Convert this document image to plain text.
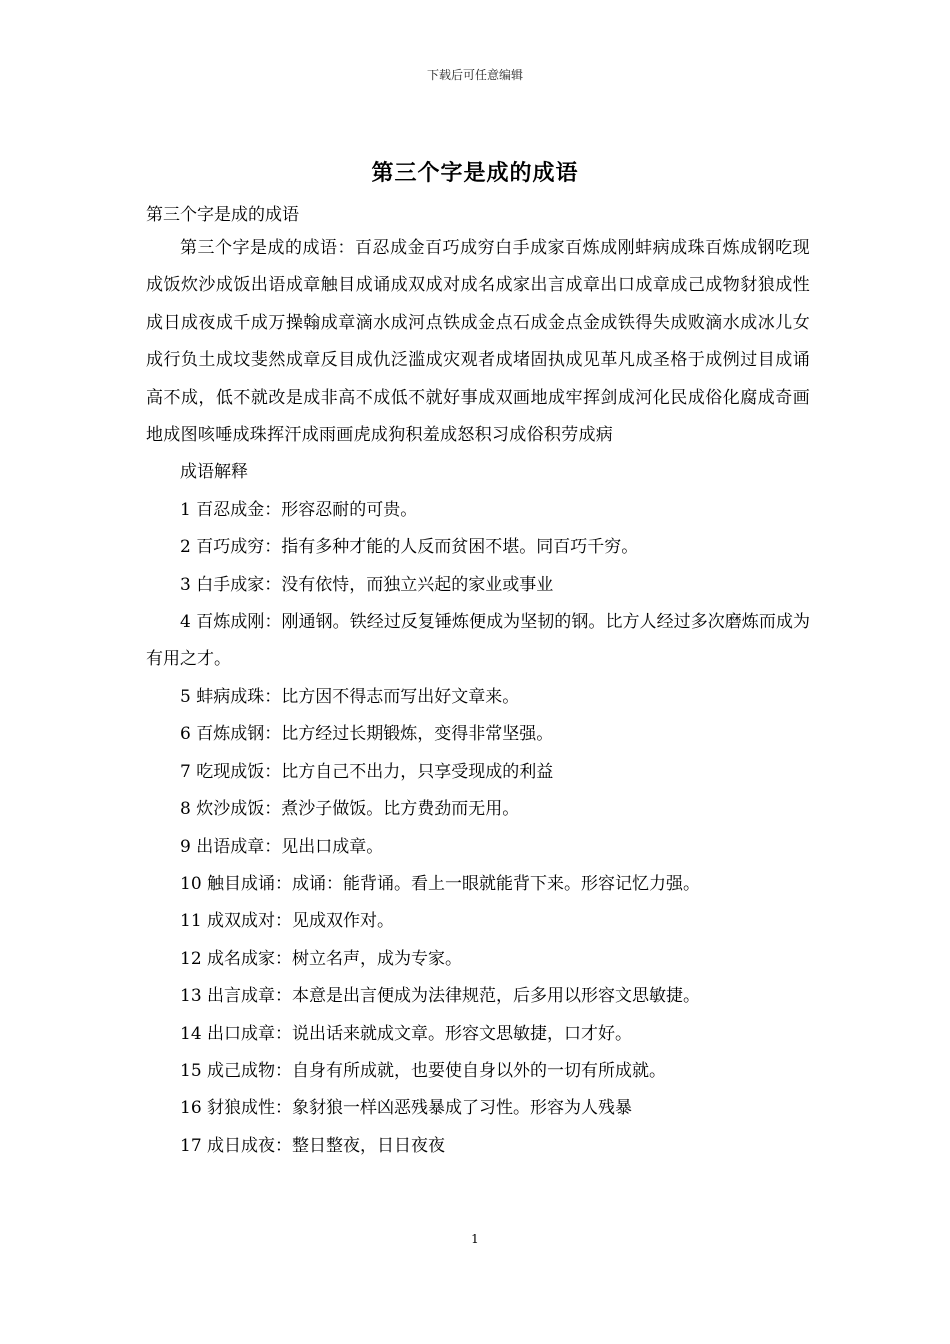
下载后可任意编辑
第三个字是成的成语
第三个字是成的成语

第三个字是成的成语：百忍成金百巧成穷白手成家百炼成刚蚌病成珠百炼成钢吃现成饭炊沙成饭出语成章触目成诵成双成对成名成家出言成章出口成章成己成物豺狼成性成日成夜成千成万操翰成章滴水成河点铁成金点石成金点金成铁得失成败滴水成冰儿女成行负土成坟斐然成章反目成仇泛滥成灾观者成堵固执成见革凡成圣格于成例过目成诵高不成，低不就改是成非高不成低不就好事成双画地成牢挥剑成河化民成俗化腐成奇画地成图咳唾成珠挥汗成雨画虎成狗积羞成怒积习成俗积劳成病

成语解释

1 百忍成金：形容忍耐的可贵。

2 百巧成穷：指有多种才能的人反而贫困不堪。同百巧千穷。

3 白手成家：没有依恃，而独立兴起的家业或事业

4 百炼成刚：刚通钢。铁经过反复锤炼便成为坚韧的钢。比方人经过多次磨炼而成为有用之才。

5 蚌病成珠：比方因不得志而写出好文章来。

6 百炼成钢：比方经过长期锻炼，变得非常坚强。

7 吃现成饭：比方自己不出力，只享受现成的利益

8 炊沙成饭：煮沙子做饭。比方费劲而无用。

9 出语成章：见出口成章。

10 触目成诵：成诵：能背诵。看上一眼就能背下来。形容记忆力强。

11 成双成对：见成双作对。

12 成名成家：树立名声，成为专家。

13 出言成章：本意是出言便成为法律规范，后多用以形容文思敏捷。

14 出口成章：说出话来就成文章。形容文思敏捷，口才好。

15 成己成物：自身有所成就，也要使自身以外的一切有所成就。

16 豺狼成性：象豺狼一样凶恶残暴成了习性。形容为人残暴

17 成日成夜：整日整夜，日日夜夜

1
